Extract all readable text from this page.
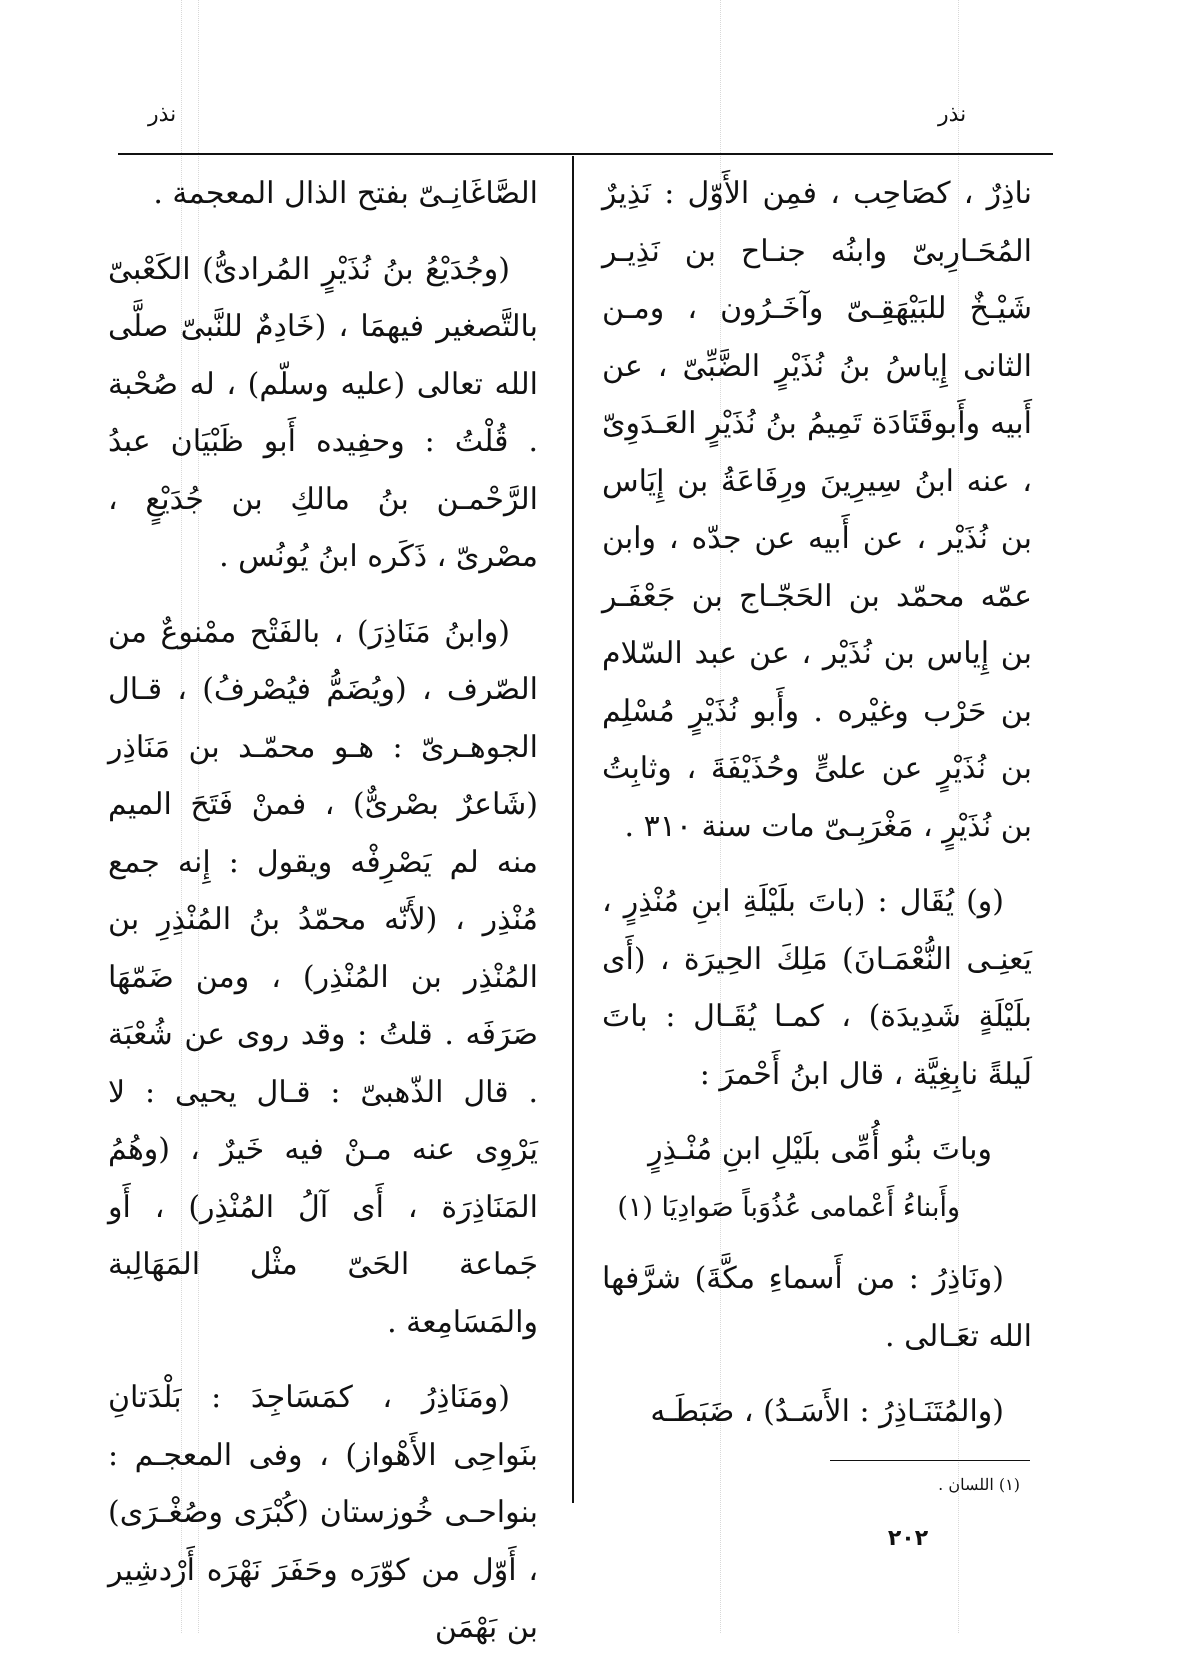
نذر	نذر

ناذِرٌ ، كصَاحِب ، فمِن الأَوّل : نَذِيرٌ المُحَـارِبىّ وابنُه جنـاح بن نَذِيـر شَيْـخٌ للبَيْهَقِـىّ وآخَـرُون ، ومـن الثانى إِياسُ بنُ نُذَيْرٍ الضَّبِّىّ ، عن أَبيه وأَبوقَتَادَة تَمِيمُ بنُ نُذَيْرٍ العَـدَوِىّ ، عنه ابنُ سِيرِينَ ورِفَاعَةُ بن إِيَاس بن نُذَيْر ، عن أَبيه عن جدّه ، وابن عمّه محمّد بن الحَجّـاج بن جَعْفَـر بن إِياس بن نُذَيْر ، عن عبد السّلام بن حَرْب وغيْره . وأَبو نُذَيْرٍ مُسْلِم بن نُذَيْرٍ عن علىٍّ وحُذَيْفَةَ ، وثابِتُ بن نُذَيْرٍ ، مَغْرَبِـىّ مات سنة ٣١٠ .

(و) يُقَال : (باتَ بلَيْلَةِ ابنِ مُنْذِرٍ ، يَعنِـى النُّعْمَـانَ) مَلِكَ الحِيرَة ، (أَى بلَيْلَةٍ شَدِيدَة) ، كمـا يُقَـال : باتَ لَيلةً نابِغِيَّة ، قال ابنُ أَحْمرَ :

وباتَ بنُو أُمِّى بلَيْلِ ابنِ مُنْـذِرٍ
وأَبناءُ أَعْمامى عُذُوَباً صَوادِيَا (١)

(ونَاذِرُ : من أَسماءِ مكَّةَ) شرَّفها الله تعَـالى .

(والمُتَنَـاذِرُ : الأَسَـدُ) ، ضَبَطَـه

الصَّاغَانِـىّ بفتح الذال المعجمة .

(وجُدَيْعُ بنُ نُذَيْرٍ المُرادىُّ) الكَعْبىّ بالتَّصغير فيهمَا ، (خَادِمٌ للنَّبىّ صلَّى الله تعالى (عليه وسلّم) ، له صُحْبة . قُلْتُ : وحفِيده أَبو ظَبْيَان عبدُ الرَّحْمـن بنُ مالكِ بن جُدَيْعٍ ، مصْرىّ ، ذَكَره ابنُ يُونُس .

(وابنُ مَنَاذِرَ) ، بالفَتْح ممْنوعٌ من الصّرف ، (ويُضَمُّ فيُصْرفُ) ، قـال الجوهـرىّ : هـو محمّـد بن مَنَاذِر (شَاعرٌ بصْرىٌّ) ، فمنْ فَتَحَ الميم منه لم يَصْرِفْه ويقول : إِنه جمع مُنْذِر ، (لأَنّه محمّدُ بنُ المُنْذِرِ بن المُنْذِر بن المُنْذِر) ، ومن ضَمّهَا صَرَفَه . قلتُ : وقد روى عن شُعْبَة . قال الذّهبىّ : قـال يحيى : لا يَرْوِى عنه مـنْ فيه خَيرٌ ، (وهُمُ المَنَاذِرَة ، أَى آلُ المُنْذِر) ، أَو جَماعة الحَىّ مثْل المَهَالِبة والمَسَامِعة .

(ومَنَاذِرُ ، كمَسَاجِدَ : بَلْدَتانِ بنَواحِى الأَهْواز) ، وفى المعجـم : بنواحـى خُوزستان (كُبْرَى وصُغْـرَى) ، أَوّل من كوّرَه وحَفَرَ نَهْرَه أَرْدشِير بن بَهْمَن

(١) اللسان .
٢٠٢
